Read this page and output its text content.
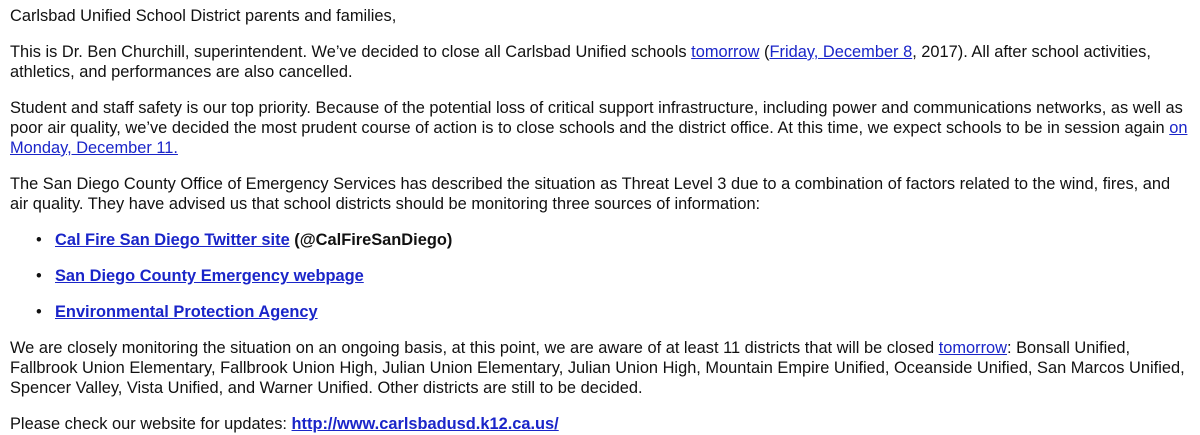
Carlsbad Unified School District parents and families,

This is Dr. Ben Churchill, superintendent. We’ve decided to close all Carlsbad Unified schools tomorrow (Friday, December 8, 2017). All after school activities, athletics, and performances are also cancelled.

Student and staff safety is our top priority. Because of the potential loss of critical support infrastructure, including power and communications networks, as well as poor air quality, we’ve decided the most prudent course of action is to close schools and the district office. At this time, we expect schools to be in session again on Monday, December 11.

The San Diego County Office of Emergency Services has described the situation as Threat Level 3 due to a combination of factors related to the wind, fires, and air quality. They have advised us that school districts should be monitoring three sources of information:

• Cal Fire San Diego Twitter site (@CalFireSanDiego)
• San Diego County Emergency webpage
• Environmental Protection Agency

We are closely monitoring the situation on an ongoing basis, at this point, we are aware of at least 11 districts that will be closed tomorrow: Bonsall Unified, Fallbrook Union Elementary, Fallbrook Union High, Julian Union Elementary, Julian Union High, Mountain Empire Unified, Oceanside Unified, San Marcos Unified, Spencer Valley, Vista Unified, and Warner Unified. Other districts are still to be decided.

Please check our website for updates: http://www.carlsbadusd.k12.ca.us/
